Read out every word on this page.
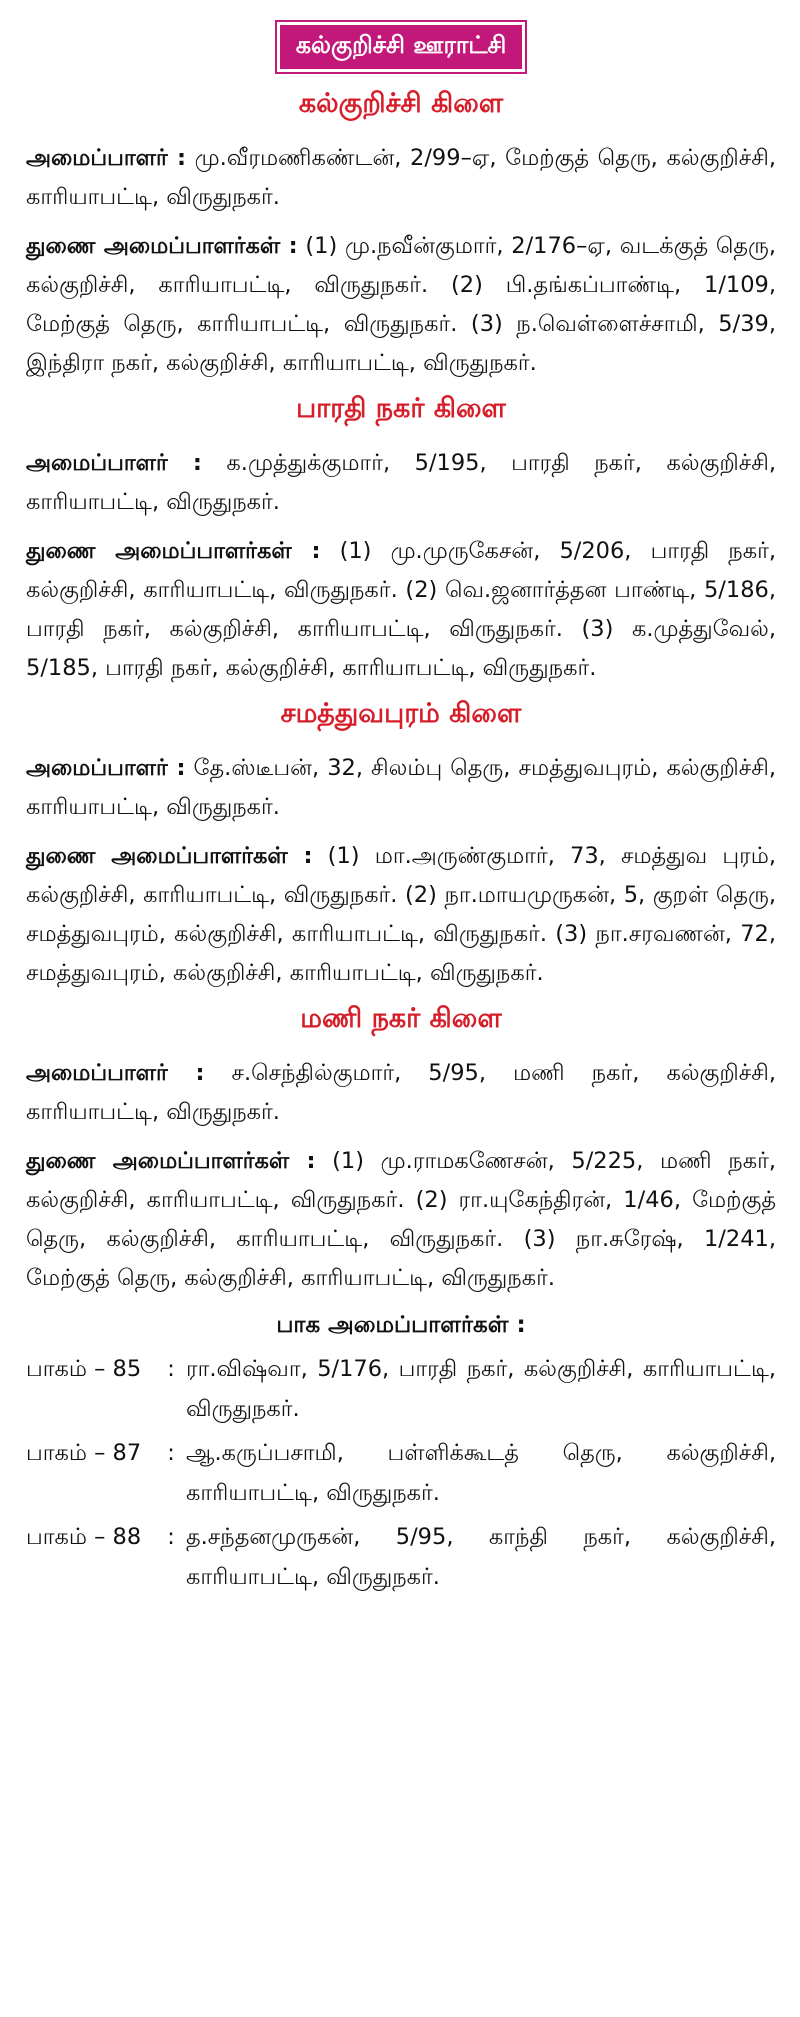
கல்குறிச்சி ஊராட்சி
கல்குறிச்சி கிளை

அமைப்பாளர் : மு.வீரமணிகண்டன், 2/99–ஏ, மேற்குத் தெரு, கல்குறிச்சி, காரியாபட்டி, விருதுநகர்.

துணை அமைப்பாளர்கள் : (1) மு.நவீன்குமார், 2/176–ஏ, வடக்குத் தெரு, கல்குறிச்சி, காரியாபட்டி, விருதுநகர். (2) பி.தங்கப்பாண்டி, 1/109, மேற்குத் தெரு, காரியாபட்டி, விருதுநகர். (3) ந.வெள்ளைச்சாமி, 5/39, இந்திரா நகர், கல்குறிச்சி, காரியாபட்டி, விருதுநகர்.

பாரதி நகர் கிளை

அமைப்பாளர் : க.முத்துக்குமார், 5/195, பாரதி நகர், கல்குறிச்சி, காரியாபட்டி, விருதுநகர்.

துணை அமைப்பாளர்கள் : (1) மு.முருகேசன், 5/206, பாரதி நகர், கல்குறிச்சி, காரியாபட்டி, விருதுநகர். (2) வெ.ஜனார்த்தன பாண்டி, 5/186, பாரதி நகர், கல்குறிச்சி, காரியாபட்டி, விருதுநகர். (3) க.முத்துவேல், 5/185, பாரதி நகர், கல்குறிச்சி, காரியாபட்டி, விருதுநகர்.

சமத்துவபுரம் கிளை

அமைப்பாளர் : தே.ஸ்டீபன், 32, சிலம்பு தெரு, சமத்துவபுரம், கல்குறிச்சி, காரியாபட்டி, விருதுநகர்.

துணை அமைப்பாளர்கள் : (1) மா.அருண்குமார், 73, சமத்துவ புரம், கல்குறிச்சி, காரியாபட்டி, விருதுநகர். (2) நா.மாயமுருகன், 5, குறள் தெரு, சமத்துவபுரம், கல்குறிச்சி, காரியாபட்டி, விருதுநகர். (3) நா.சரவணன், 72, சமத்துவபுரம், கல்குறிச்சி, காரியாபட்டி, விருதுநகர்.

மணி நகர் கிளை

அமைப்பாளர் : ச.செந்தில்குமார், 5/95, மணி நகர், கல்குறிச்சி, காரியாபட்டி, விருதுநகர்.

துணை அமைப்பாளர்கள் : (1) மு.ராமகணேசன், 5/225, மணி நகர், கல்குறிச்சி, காரியாபட்டி, விருதுநகர். (2) ரா.யுகேந்திரன், 1/46, மேற்குத் தெரு, கல்குறிச்சி, காரியாபட்டி, விருதுநகர். (3) நா.சுரேஷ், 1/241, மேற்குத் தெரு, கல்குறிச்சி, காரியாபட்டி, விருதுநகர்.

பாக அமைப்பாளர்கள் :
பாகம் – 85	: ரா.விஷ்வா, 5/176, பாரதி நகர், கல்குறிச்சி, காரியாபட்டி, விருதுநகர்.
பாகம் – 87	: ஆ.கருப்பசாமி, பள்ளிக்கூடத் தெரு, கல்குறிச்சி, காரியாபட்டி, விருதுநகர்.
பாகம் – 88	: த.சந்தனமுருகன், 5/95, காந்தி நகர், கல்குறிச்சி, காரியாபட்டி, விருதுநகர்.
